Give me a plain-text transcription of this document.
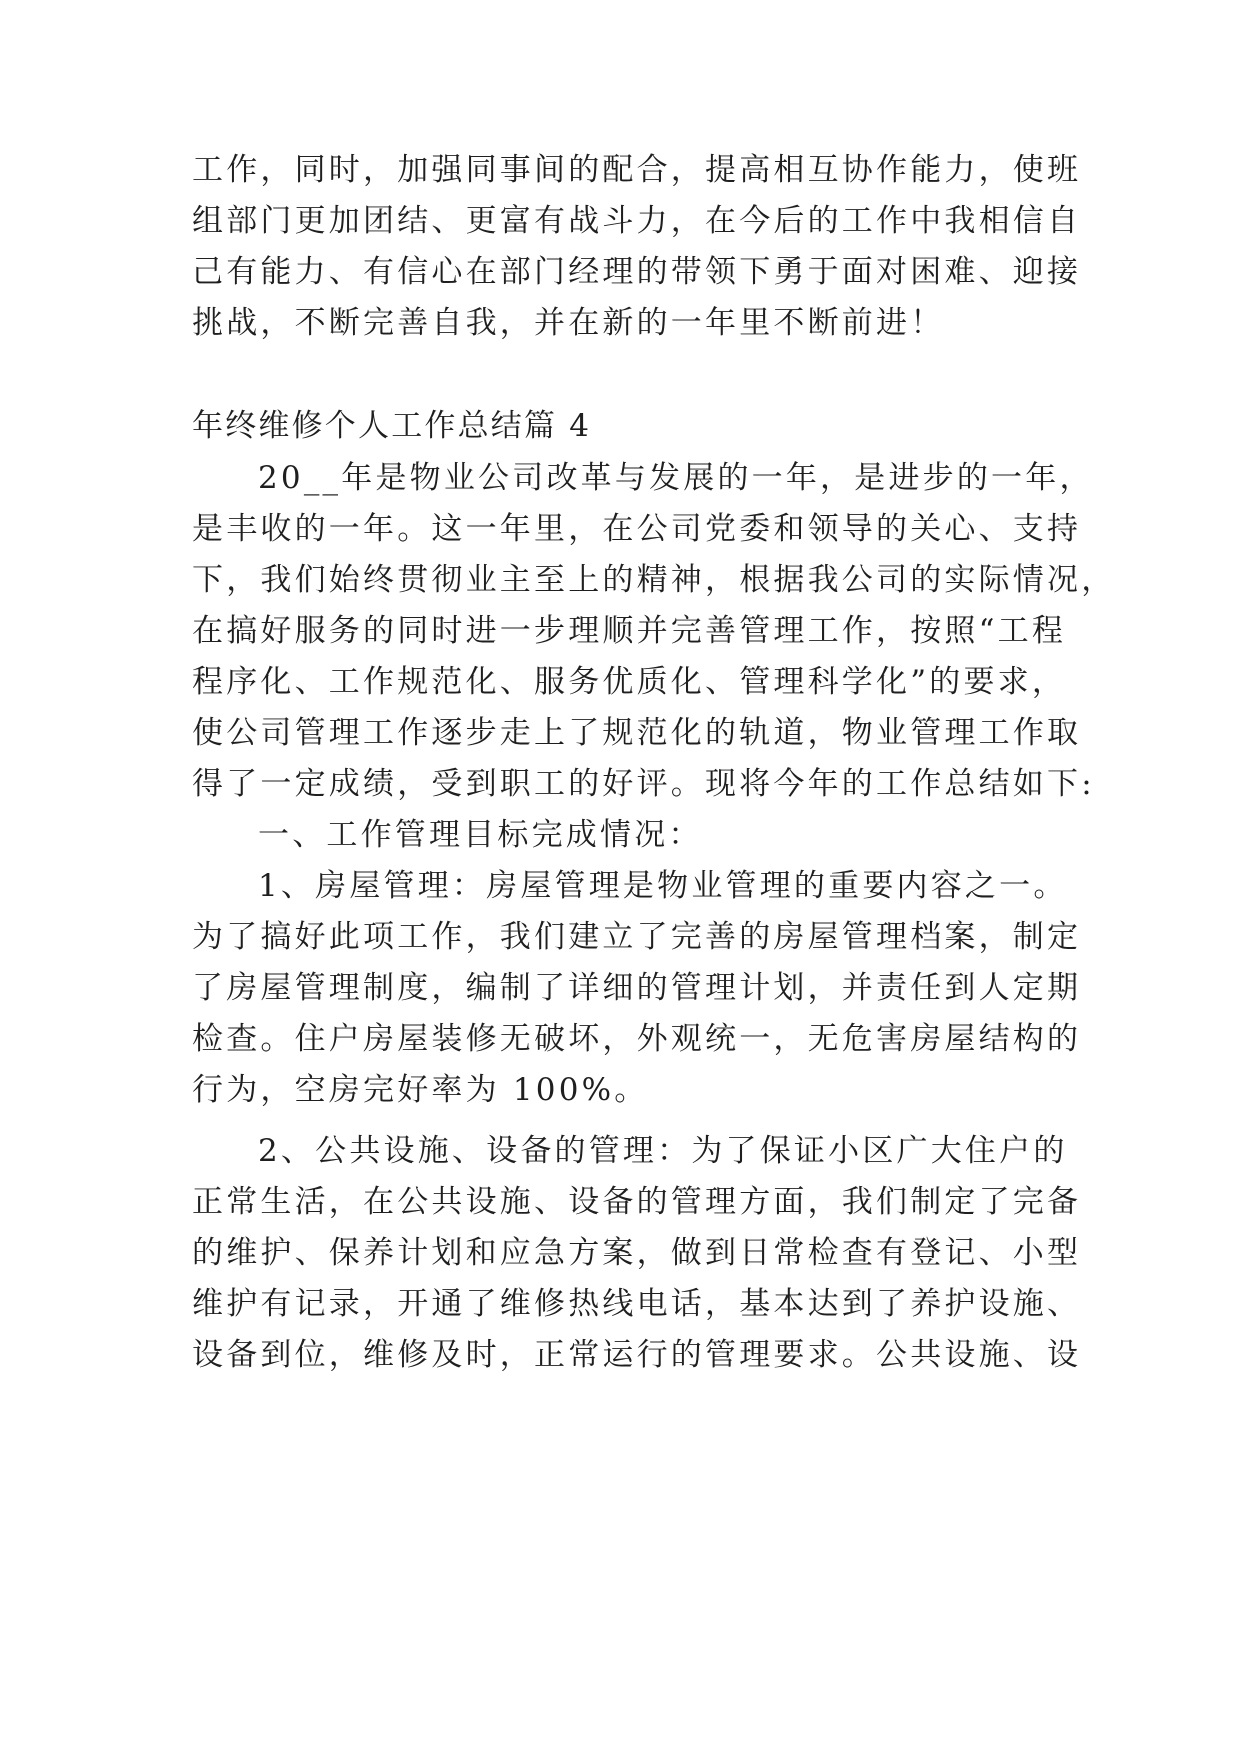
工作，同时，加强同事间的配合，提高相互协作能力，使班

组部门更加团结、更富有战斗力，在今后的工作中我相信自

己有能力、有信心在部门经理的带领下勇于面对困难、迎接

挑战，不断完善自我，并在新的一年里不断前进！

年终维修个人工作总结篇 4

20__年是物业公司改革与发展的一年，是进步的一年，

是丰收的一年。这一年里，在公司党委和领导的关心、支持

下，我们始终贯彻业主至上的精神，根据我公司的实际情况，

在搞好服务的同时进一步理顺并完善管理工作，按照“工程

程序化、工作规范化、服务优质化、管理科学化”的要求，

使公司管理工作逐步走上了规范化的轨道，物业管理工作取

得了一定成绩，受到职工的好评。现将今年的工作总结如下:

一、工作管理目标完成情况：

1、房屋管理：房屋管理是物业管理的重要内容之一。

为了搞好此项工作，我们建立了完善的房屋管理档案，制定

了房屋管理制度，编制了详细的管理计划，并责任到人定期

检查。住户房屋装修无破坏，外观统一，无危害房屋结构的

行为，空房完好率为 100%。

2、公共设施、设备的管理：为了保证小区广大住户的

正常生活，在公共设施、设备的管理方面，我们制定了完备

的维护、保养计划和应急方案，做到日常检查有登记、小型

维护有记录，开通了维修热线电话，基本达到了养护设施、

设备到位，维修及时，正常运行的管理要求。公共设施、设
